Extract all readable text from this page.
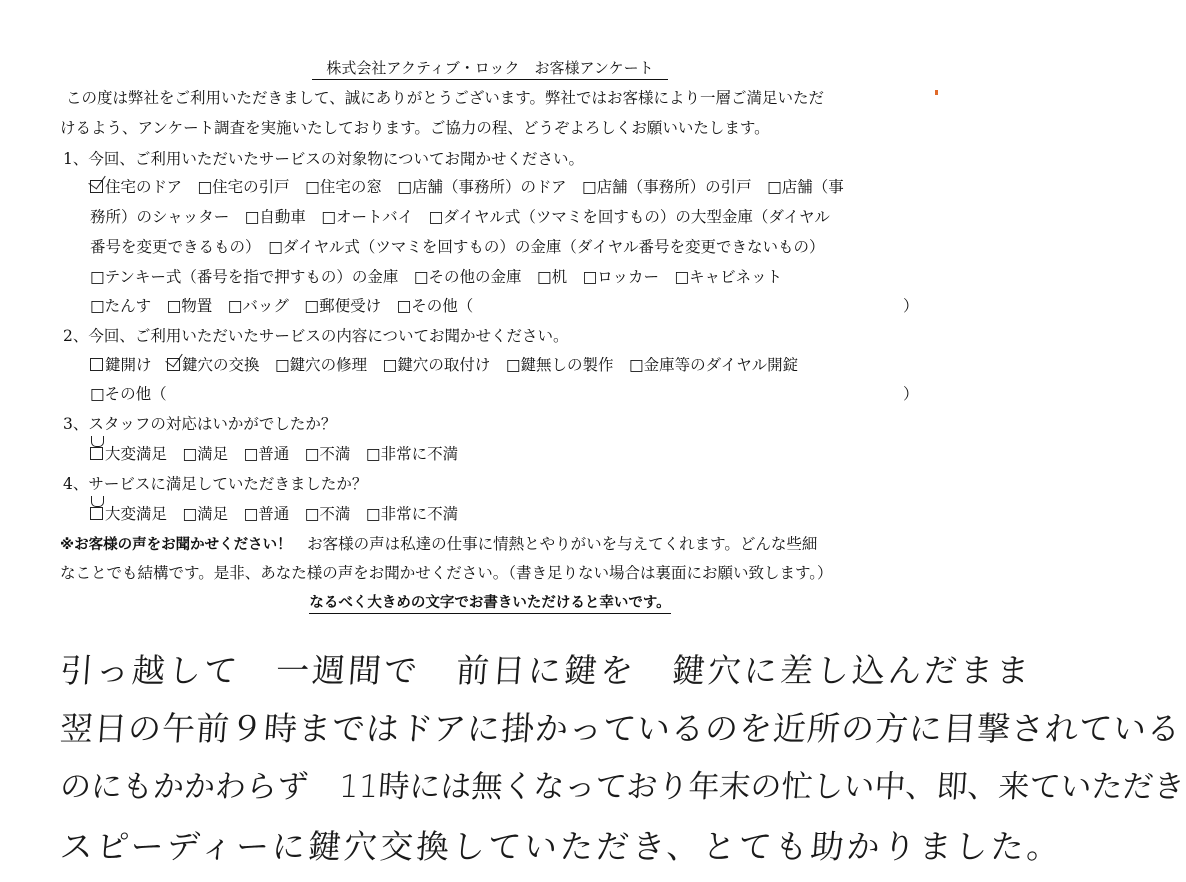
株式会社アクティブ・ロック　お客様アンケート
この度は弊社をご利用いただきまして、誠にありがとうございます。弊社ではお客様により一層ご満足いただ
けるよう、アンケート調査を実施いたしております。ご協力の程、どうぞよろしくお願いいたします。
1、今回、ご利用いただいたサービスの対象物についてお聞かせください。
住宅のドア　□住宅の引戸　□住宅の窓　□店舗（事務所）のドア　□店舗（事務所）の引戸　□店舗（事
務所）のシャッター　□自動車　□オートバイ　□ダイヤル式（ツマミを回すもの）の大型金庫（ダイヤル
番号を変更できるもの）　□ダイヤル式（ツマミを回すもの）の金庫（ダイヤル番号を変更できないもの）
□テンキー式（番号を指で押すもの）の金庫　□その他の金庫　□机　□ロッカー　□キャビネット
□たんす　□物置　□バッグ　□郵便受け　□その他（	）
2、今回、ご利用いただいたサービスの内容についてお聞かせください。
鍵開け　 鍵穴の交換　□鍵穴の修理　□鍵穴の取付け　□鍵無しの製作　□金庫等のダイヤル開錠
□その他（	）
3、スタッフの対応はいかがでしたか？
大変満足　□満足　□普通　□不満　□非常に不満
4、サービスに満足していただきましたか？
大変満足　□満足　□普通　□不満　□非常に不満
※お客様の声をお聞かせください！　 お客様の声は私達の仕事に情熱とやりがいを与えてくれます。どんな些細
なことでも結構です。是非、あなた様の声をお聞かせください。（書き足りない場合は裏面にお願い致します。）
なるべく大きめの文字でお書きいただけると幸いです。
引っ越して　一週間で　前日に鍵を　鍵穴に差し込んだまま
翌日の午前９時まではドアに掛かっているのを近所の方に目撃されている
のにもかかわらず　11時には無くなっており年末の忙しい中、即、来ていただき
スピーディーに鍵穴交換していただき、とても助かりました。
